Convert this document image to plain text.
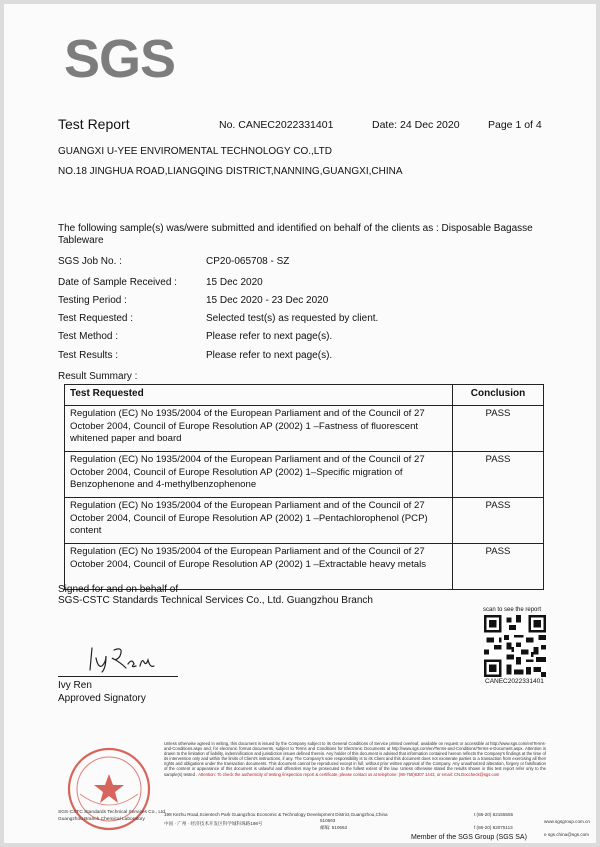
SGS
Test Report	No. CANEC2022331401	Date: 24 Dec 2020	Page 1 of 4
GUANGXI U-YEE ENVIROMENTAL TECHNOLOGY CO.,LTD
NO.18 JINGHUA ROAD,LIANGQING DISTRICT,NANNING,GUANGXI,CHINA
The following sample(s) was/were submitted and identified on behalf of the clients as : Disposable Bagasse Tableware
SGS Job No. :	CP20-065708 - SZ
Date of Sample Received :	15 Dec 2020
Testing Period :	15 Dec 2020 - 23 Dec 2020
Test Requested :	Selected test(s) as requested by client.
Test Method :	Please refer to next page(s).
Test Results :	Please refer to next page(s).
Result Summary :
Test Requested	Conclusion
Regulation (EC) No 1935/2004 of the European Parliament and of the Council of 27 October 2004, Council of Europe Resolution AP (2002) 1 –Fastness of fluorescent whitened paper and board	PASS
Regulation (EC) No 1935/2004 of the European Parliament and of the Council of 27 October 2004, Council of Europe Resolution AP (2002) 1–Specific migration of Benzophenone and 4-methylbenzophenone	PASS
Regulation (EC) No 1935/2004 of the European Parliament and of the Council of 27 October 2004, Council of Europe Resolution AP (2002) 1 –Pentachlorophenol (PCP) content	PASS
Regulation (EC) No 1935/2004 of the European Parliament and of the Council of 27 October 2004, Council of Europe Resolution AP (2002) 1 –Extractable heavy metals	PASS
Signed for and on behalf of
SGS-CSTC Standards Technical Services Co., Ltd. Guangzhou Branch
Ivy Ren
Approved Signatory
scan to see the report
CANEC2022331401
Unless otherwise agreed in writing, this document is issued by the Company subject to its General Conditions of Service printed overleaf, available on request or accessible at http://www.sgs.com/en/Terms-and-Conditions.aspx and, for electronic format documents, subject to Terms and Conditions for Electronic Documents at http://www.sgs.com/en/Terms-and-Conditions/Terms-e-Document.aspx. Attention is drawn to the limitation of liability, indemnification and jurisdiction issues defined therein. Any holder of this document is advised that information contained hereon reflects the Company's findings at the time of its intervention only and within the limits of Client's instructions, if any. The Company's sole responsibility is to its Client and this document does not exonerate parties to a transaction from exercising all their rights and obligations under the transaction documents. This document cannot be reproduced except in full, without prior written approval of the Company. Any unauthorized alteration, forgery or falsification of the content or appearance of this document is unlawful and offenders may be prosecuted to the fullest extent of the law. Unless otherwise stated the results shown in this test report refer only to the sample(s) tested . Attention: To check the authenticity of testing /inspection report & certificate, please contact us at telephone: (86-755)8307 1443, or email: CN.Doccheck@sgs.com
198 Kezhu Road,Scientech Park Guangzhou Economic & Technology Development District,Guangzhou,China
510663
t (86-20) 82155555
www.sgsgroup.com.cn
中国 · 广州 · 经济技术开发区科学城科珠路198号
邮编: 510663	f (86-20) 82075113
e sgs.china@sgs.com
SGS-CSTC Standards Technical Services Co., Ltd.
Guangzhou Branch Chemical Laboratory
Member of the SGS Group (SGS SA)
